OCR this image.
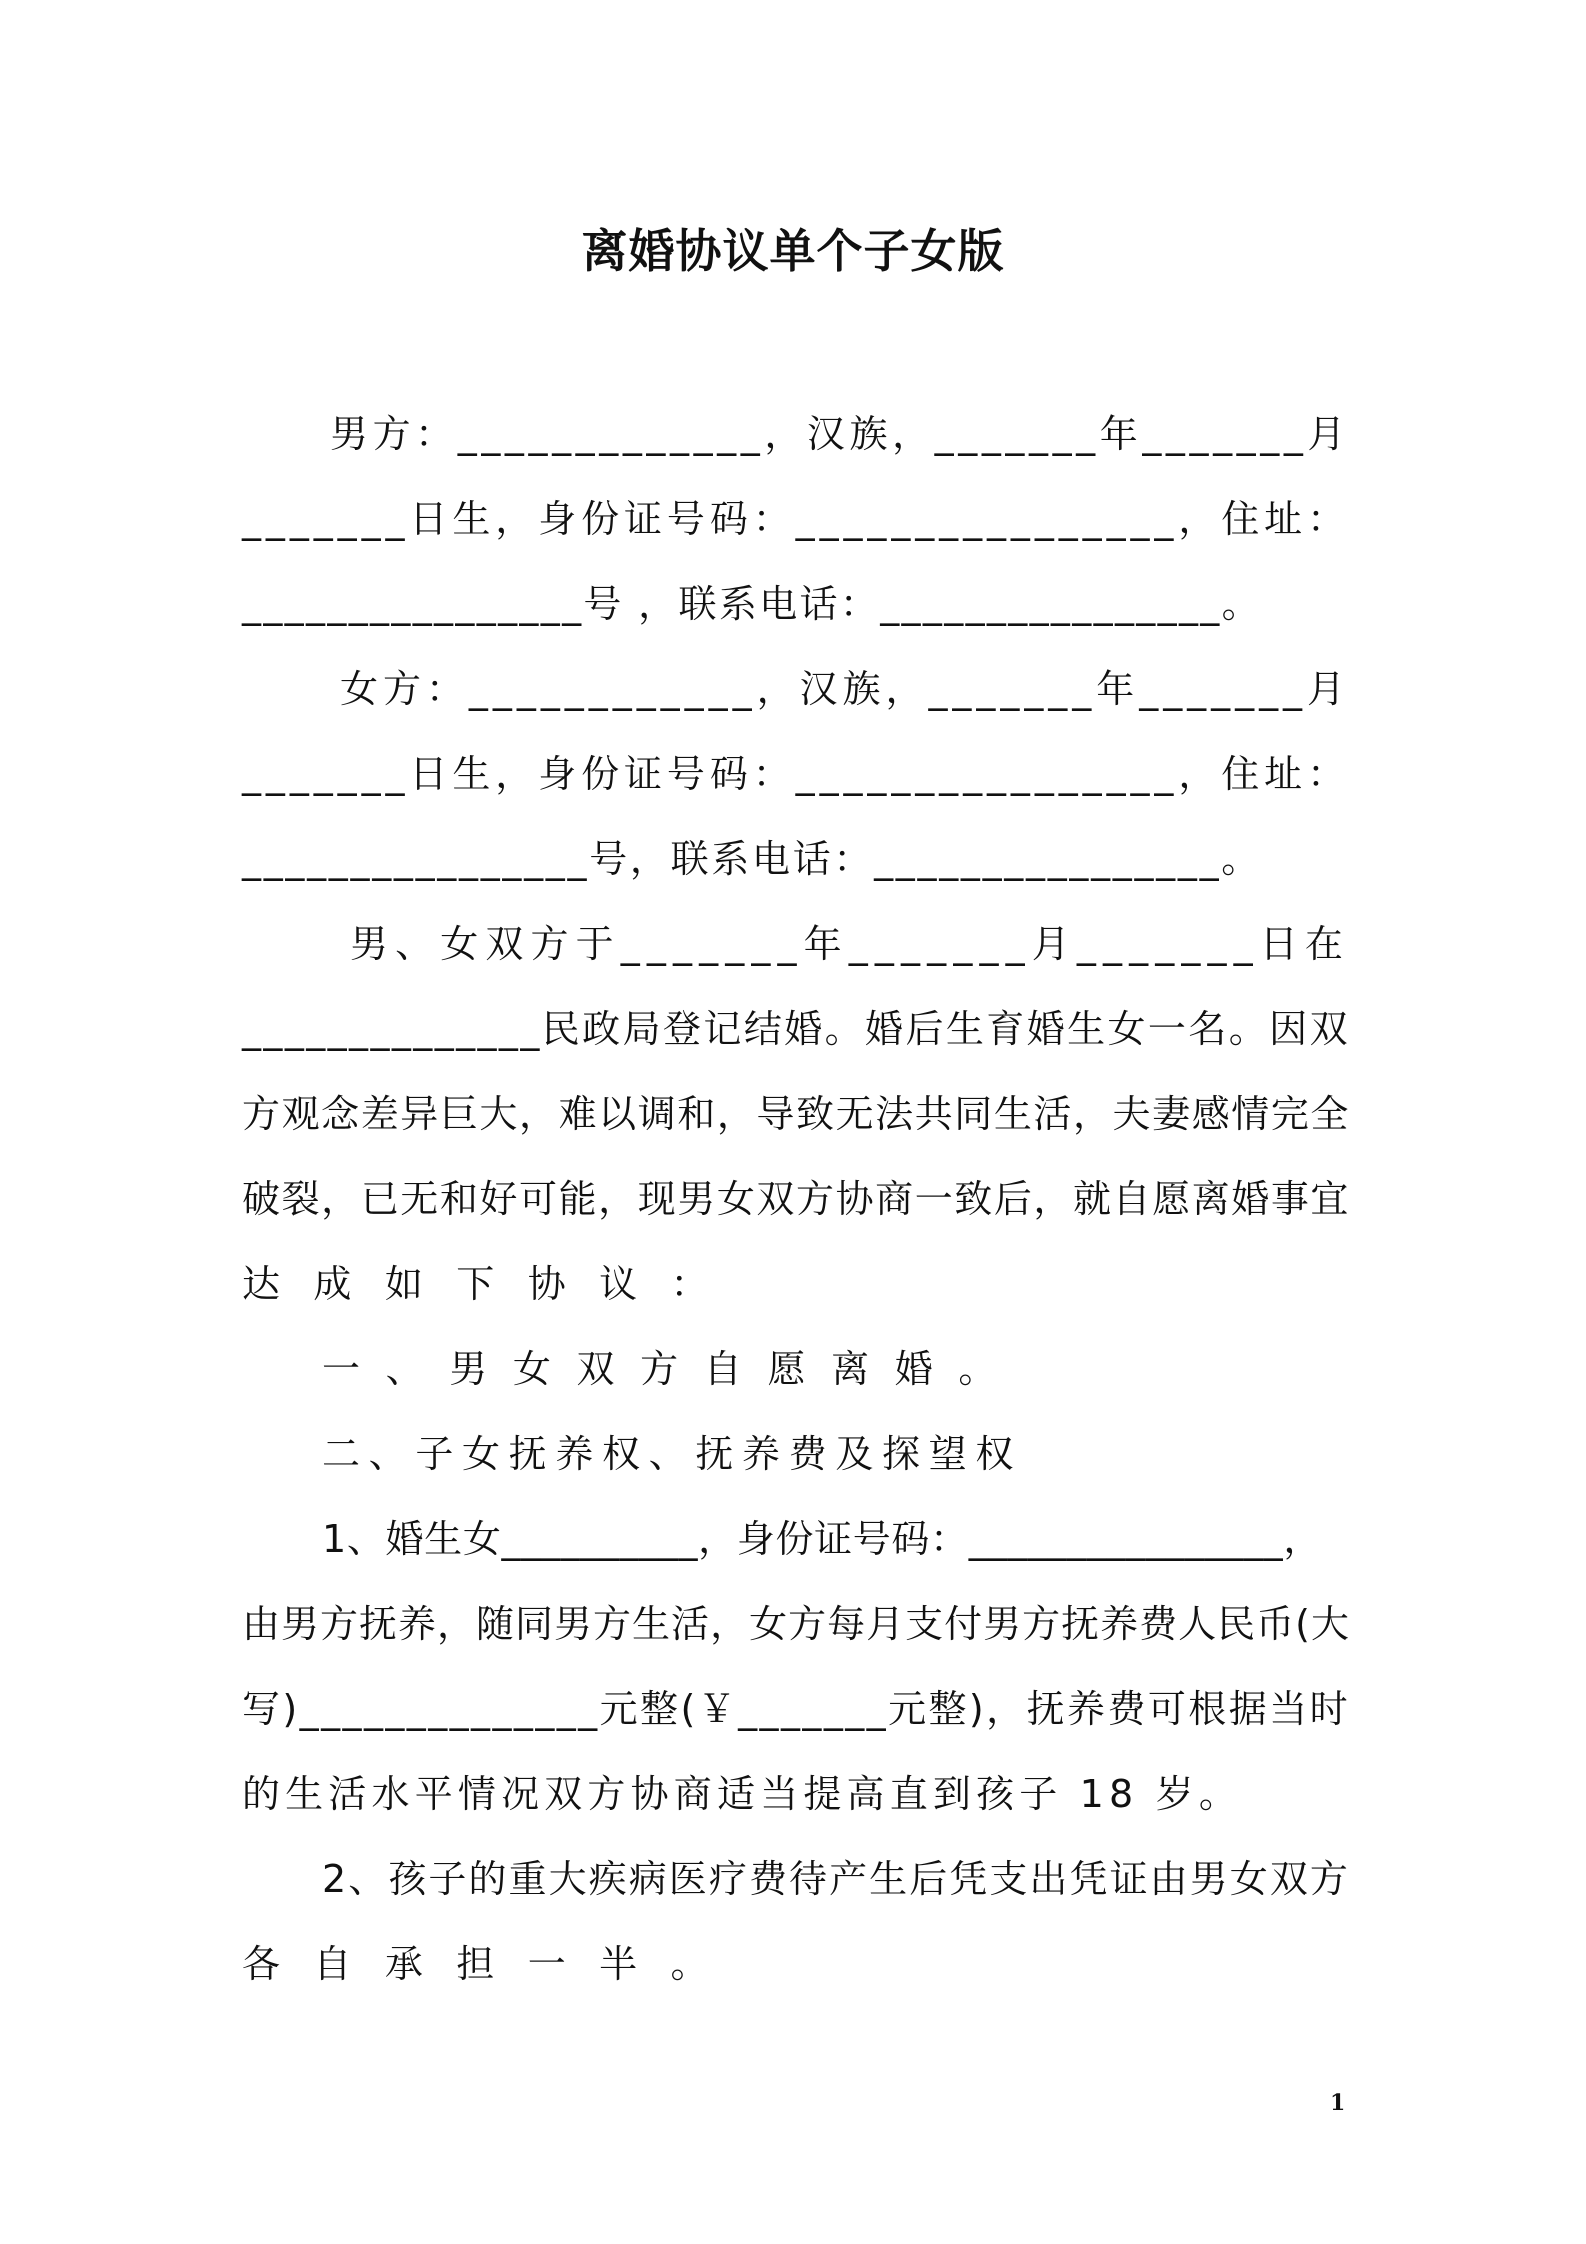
离婚协议单个子女版

男方：_____________，汉族，_______年_______月

_______日生，身份证号码：________________，住址：

________________号 ，联系电话：________________。

女方：____________，汉族，_______年_______月

_______日生，身份证号码：________________，住址：

________________号，联系电话：________________。

男、女双方于_______年_______月_______日在

______________民政局登记结婚。婚后生育婚生女一名。因双

方观念差异巨大，难以调和，导致无法共同生活，夫妻感情完全

破裂，已无和好可能，现男女双方协商一致后，就自愿离婚事宜

达成如下协议：

一、男女双方自愿离婚。

二、子女抚养权、抚养费及探望权

1、婚生女__________，身份证号码：________________，

由男方抚养，随同男方生活，女方每月支付男方抚养费人民币(大

写)______________元整(￥_______元整)，抚养费可根据当时

的生活水平情况双方协商适当提高直到孩子 18 岁。

2、孩子的重大疾病医疗费待产生后凭支出凭证由男女双方

各自承担一半。

1
